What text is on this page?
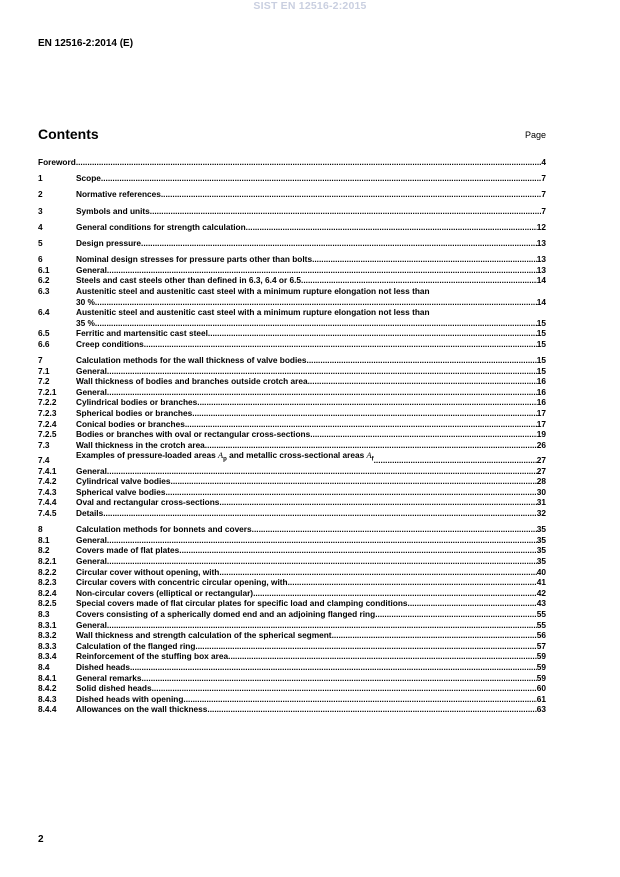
SIST EN 12516-2:2015
EN 12516-2:2014 (E)
Contents	Page
Foreword .....	4
1	Scope .....	7
2	Normative references .....	7
3	Symbols and units .....	7
4	General conditions for strength calculation .....	12
5	Design pressure .....	13
6	Nominal design stresses for pressure parts other than bolts .....	13
6.1	General .....	13
6.2	Steels and cast steels other than defined in 6.3, 6.4 or 6.5 .....	14
6.3	Austenitic steel and austenitic cast steel with a minimum rupture elongation not less than
30 % .....	14
6.4	Austenitic steel and austenitic cast steel with a minimum rupture elongation not less than
35 % .....	15
6.5	Ferritic and martensitic cast steel .....	15
6.6	Creep conditions .....	15
7	Calculation methods for the wall thickness of valve bodies .....	15
7.1	General .....	15
7.2	Wall thickness of bodies and branches outside crotch area .....	16
7.2.1	General .....	16
7.2.2	Cylindrical bodies or branches .....	16
7.2.3	Spherical bodies or branches .....	17
7.2.4	Conical bodies or branches .....	17
7.2.5	Bodies or branches with oval or rectangular cross-sections .....	19
7.3	Wall thickness in the crotch area .....	26
7.4	Examples of pressure-loaded areas $A_p$ and metallic cross-sectional areas $A_f$ .....	27
7.4.1	General .....	27
7.4.2	Cylindrical valve bodies .....	28
7.4.3	Spherical valve bodies .....	30
7.4.4	Oval and rectangular cross-sections .....	31
7.4.5	Details .....	32
8	Calculation methods for bonnets and covers .....	35
8.1	General .....	35
8.2	Covers made of flat plates .....	35
8.2.1	General .....	35
8.2.2	Circular cover without opening, with .....	40
8.2.3	Circular covers with concentric circular opening, with .....	41
8.2.4	Non-circular covers (elliptical or rectangular) .....	42
8.2.5	Special covers made of flat circular plates for specific load and clamping conditions .....	43
8.3	Covers consisting of a spherically domed end and an adjoining flanged ring .....	55
8.3.1	General .....	55
8.3.2	Wall thickness and strength calculation of the spherical segment .....	56
8.3.3	Calculation of the flanged ring .....	57
8.3.4	Reinforcement of the stuffing box area .....	59
8.4	Dished heads .....	59
8.4.1	General remarks .....	59
8.4.2	Solid dished heads .....	60
8.4.3	Dished heads with opening .....	61
8.4.4	Allowances on the wall thickness .....	63
2
